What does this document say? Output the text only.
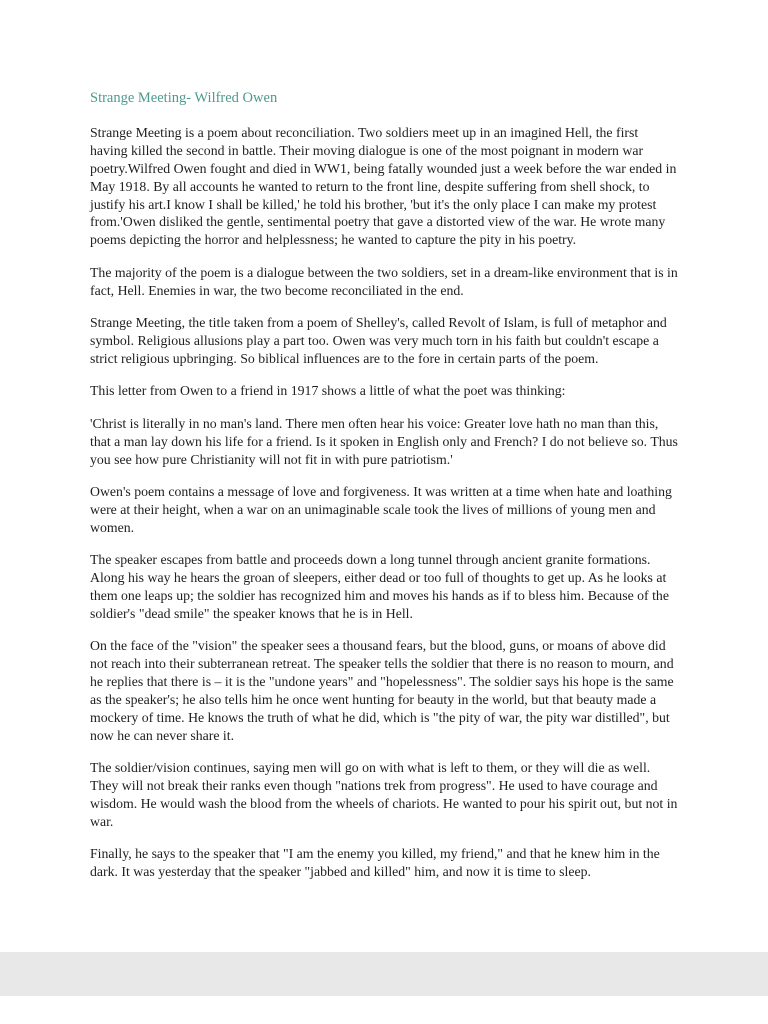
Strange Meeting- Wilfred Owen

Strange Meeting is a poem about reconciliation. Two soldiers meet up in an imagined Hell, the first having killed the second in battle. Their moving dialogue is one of the most poignant in modern war poetry.Wilfred Owen fought and died in WW1, being fatally wounded just a week before the war ended in May 1918. By all accounts he wanted to return to the front line, despite suffering from shell shock, to justify his art.I know I shall be killed,' he told his brother, 'but it's the only place I can make my protest from.'Owen disliked the gentle, sentimental poetry that gave a distorted view of the war. He wrote many poems depicting the horror and helplessness; he wanted to capture the pity in his poetry.

The majority of the poem is a dialogue between the two soldiers, set in a dream-like environment that is in fact, Hell. Enemies in war, the two become reconciliated in the end.

Strange Meeting, the title taken from a poem of Shelley's, called Revolt of Islam, is full of metaphor and symbol. Religious allusions play a part too. Owen was very much torn in his faith but couldn't escape a strict religious upbringing. So biblical influences are to the fore in certain parts of the poem.

This letter from Owen to a friend in 1917 shows a little of what the poet was thinking:

'Christ is literally in no man's land. There men often hear his voice: Greater love hath no man than this, that a man lay down his life for a friend. Is it spoken in English only and French? I do not believe so. Thus you see how pure Christianity will not fit in with pure patriotism.'

Owen's poem contains a message of love and forgiveness. It was written at a time when hate and loathing were at their height, when a war on an unimaginable scale took the lives of millions of young men and women.

The speaker escapes from battle and proceeds down a long tunnel through ancient granite formations. Along his way he hears the groan of sleepers, either dead or too full of thoughts to get up. As he looks at them one leaps up; the soldier has recognized him and moves his hands as if to bless him. Because of the soldier's "dead smile" the speaker knows that he is in Hell.

On the face of the "vision" the speaker sees a thousand fears, but the blood, guns, or moans of above did not reach into their subterranean retreat. The speaker tells the soldier that there is no reason to mourn, and he replies that there is – it is the "undone years" and "hopelessness". The soldier says his hope is the same as the speaker's; he also tells him he once went hunting for beauty in the world, but that beauty made a mockery of time. He knows the truth of what he did, which is "the pity of war, the pity war distilled", but now he can never share it.

The soldier/vision continues, saying men will go on with what is left to them, or they will die as well. They will not break their ranks even though "nations trek from progress". He used to have courage and wisdom. He would wash the blood from the wheels of chariots. He wanted to pour his spirit out, but not in war.

Finally, he says to the speaker that "I am the enemy you killed, my friend," and that he knew him in the dark. It was yesterday that the speaker "jabbed and killed" him, and now it is time to sleep.
